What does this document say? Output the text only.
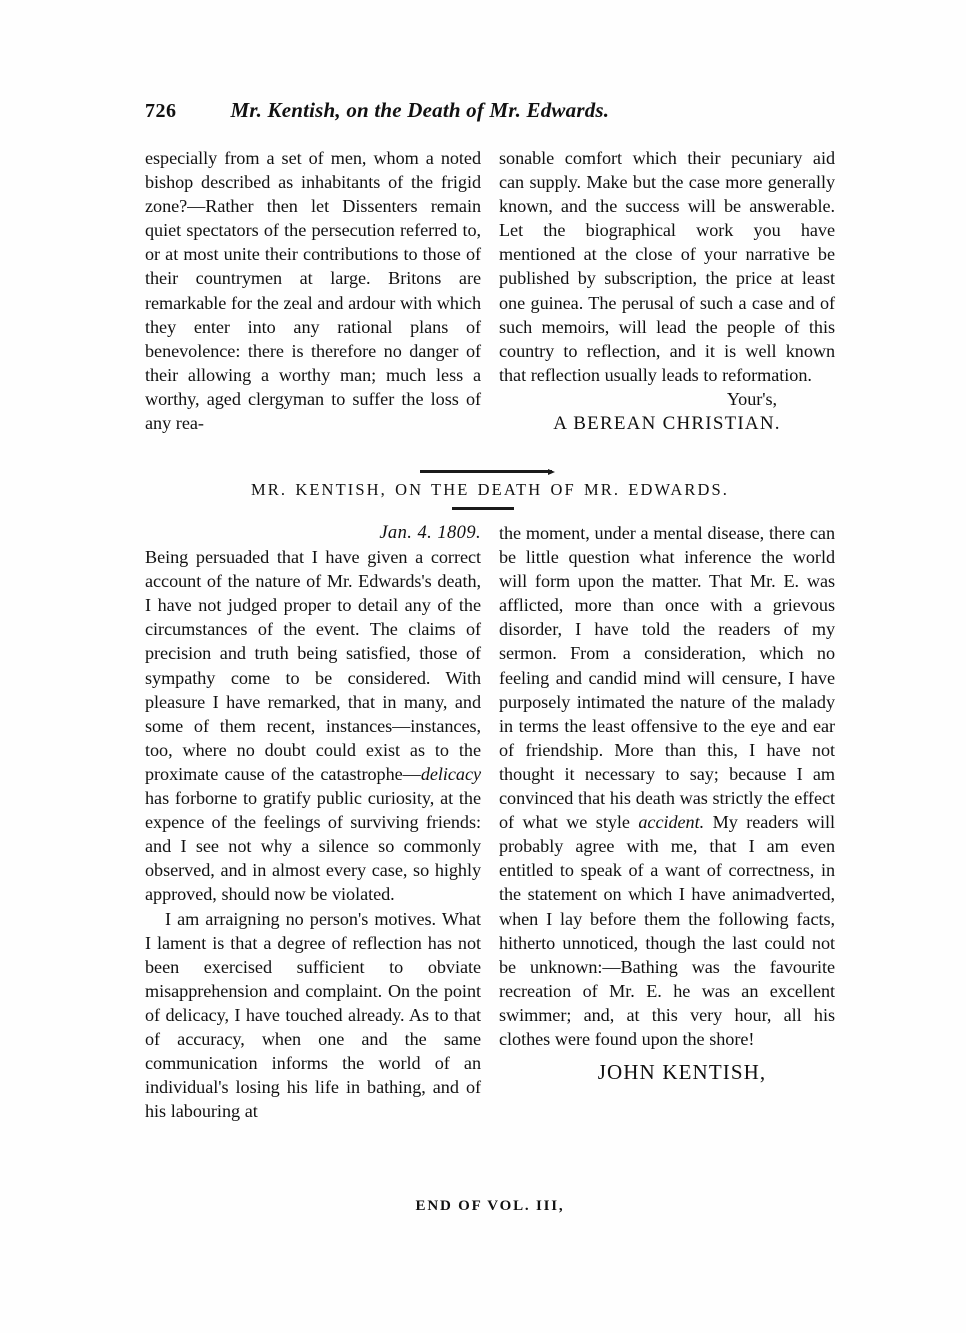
726	Mr. Kentish, on the Death of Mr. Edwards.

especially from a set of men, whom a noted bishop described as inhabitants of the frigid zone?—Rather then let Dissenters remain quiet spectators of the persecution referred to, or at most unite their contributions to those of their countrymen at large. Britons are remarkable for the zeal and ardour with which they enter into any rational plans of benevolence: there is therefore no danger of their allowing a worthy man; much less a worthy, aged clergyman to suffer the loss of any rea-

sonable comfort which their pecuniary aid can supply. Make but the case more generally known, and the success will be answerable. Let the biographical work you have mentioned at the close of your narrative be published by subscription, the price at least one guinea. The perusal of such a case and of such memoirs, will lead the people of this country to reflection, and it is well known that reflection usually leads to reformation.
Your's,

A BEREAN CHRISTIAN.

MR. KENTISH, ON THE DEATH OF MR. EDWARDS.

Jan. 4. 1809.
Being persuaded that I have given a correct account of the nature of Mr. Edwards's death, I have not judged proper to detail any of the circumstances of the event. The claims of precision and truth being satisfied, those of sympathy come to be considered. With pleasure I have remarked, that in many, and some of them recent, instances—instances, too, where no doubt could exist as to the proximate cause of the catastrophe—delicacy has forborne to gratify public curiosity, at the expence of the feelings of surviving friends: and I see not why a silence so commonly observed, and in almost every case, so highly approved, should now be violated.

I am arraigning no person's motives. What I lament is that a degree of reflection has not been exercised sufficient to obviate misapprehension and complaint. On the point of delicacy, I have touched already. As to that of accuracy, when one and the same communication informs the world of an individual's losing his life in bathing, and of his labouring at

the moment, under a mental disease, there can be little question what inference the world will form upon the matter. That Mr. E. was afflicted, more than once with a grievous disorder, I have told the readers of my sermon. From a consideration, which no feeling and candid mind will censure, I have purposely intimated the nature of the malady in terms the least offensive to the eye and ear of friendship. More than this, I have not thought it necessary to say; because I am convinced that his death was strictly the effect of what we style accident. My readers will probably agree with me, that I am even entitled to speak of a want of correctness, in the statement on which I have animadverted, when I lay before them the following facts, hitherto unnoticed, though the last could not be unknown:—Bathing was the favourite recreation of Mr. E. he was an excellent swimmer; and, at this very hour, all his clothes were found upon the shore!

JOHN KENTISH,

END OF VOL. III,
